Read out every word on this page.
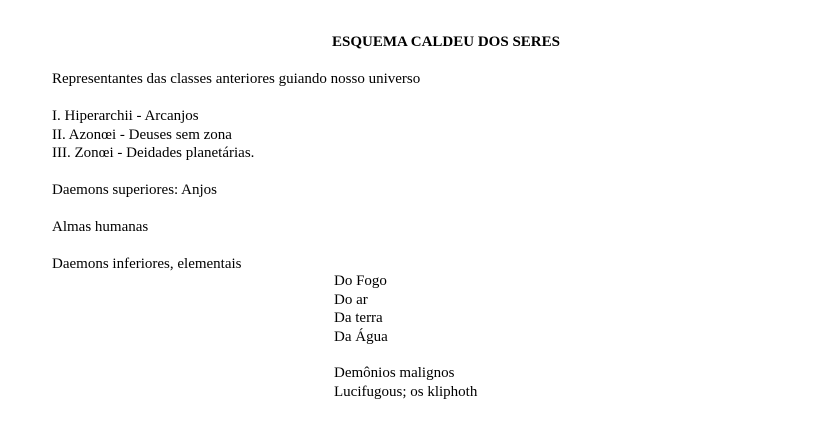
ESQUEMA CALDEU DOS SERES
Representantes das classes anteriores guiando nosso universo
I. Hiperarchii - Arcanjos
II. Azonœi - Deuses sem zona
III. Zonœi - Deidades planetárias.
Daemons superiores: Anjos
Almas humanas
Daemons inferiores, elementais
Do Fogo
Do ar
Da terra
Da Água
Demônios malignos
Lucifugous; os kliphoth
